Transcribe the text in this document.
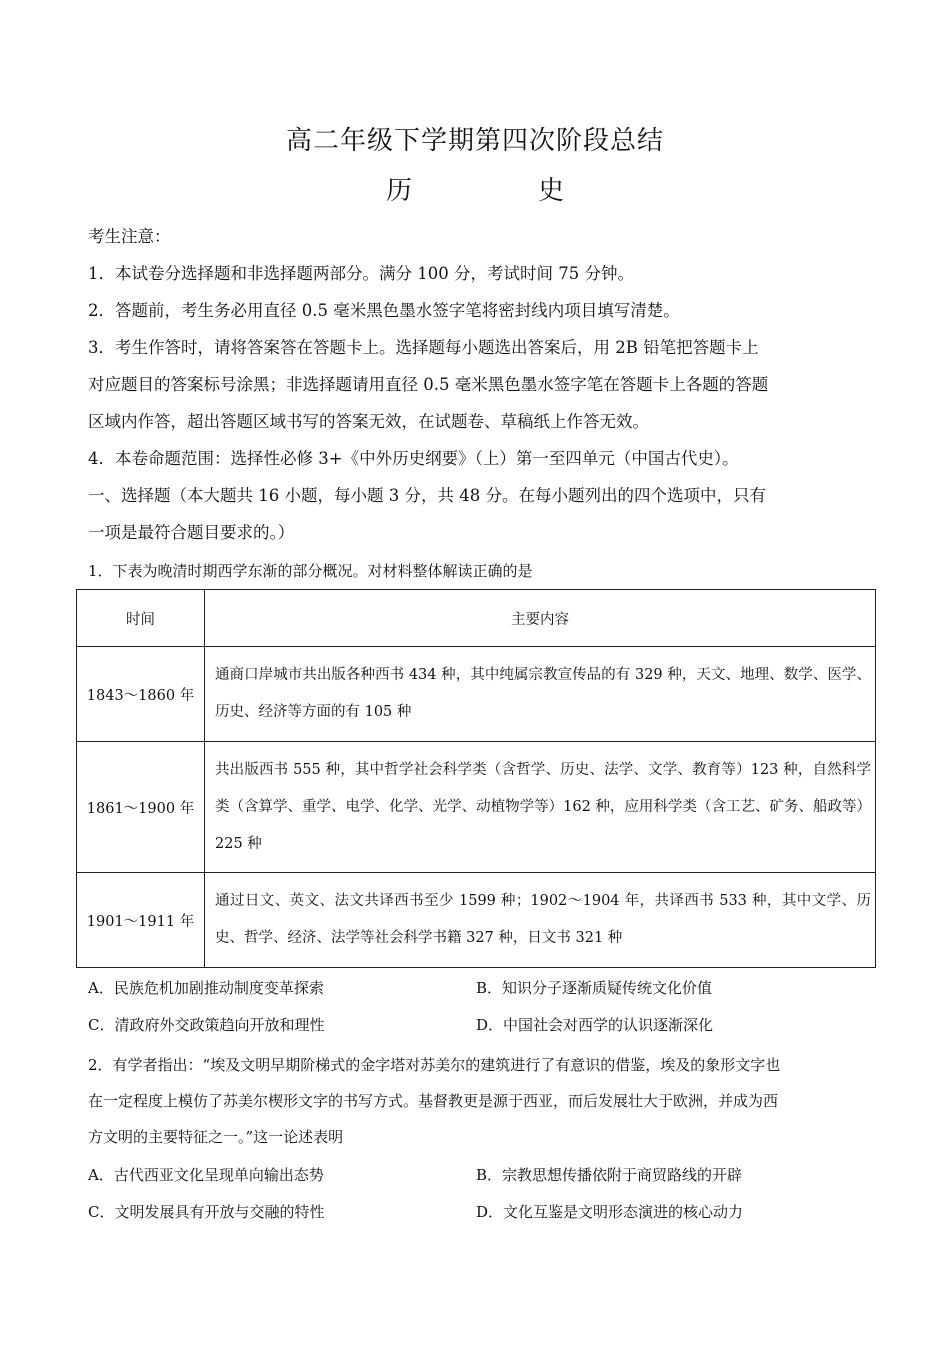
高二年级下学期第四次阶段总结
历　史
考生注意：
1．本试卷分选择题和非选择题两部分。满分 100 分，考试时间 75 分钟。
2．答题前，考生务必用直径 0.5 毫米黑色墨水签字笔将密封线内项目填写清楚。
3．考生作答时，请将答案答在答题卡上。选择题每小题选出答案后，用 2B 铅笔把答题卡上
对应题目的答案标号涂黑；非选择题请用直径 0.5 毫米黑色墨水签字笔在答题卡上各题的答题
区域内作答，超出答题区域书写的答案无效，在试题卷、草稿纸上作答无效。
4．本卷命题范围：选择性必修 3+《中外历史纲要》（上）第一至四单元（中国古代史）。
一、选择题（本大题共 16 小题，每小题 3 分，共 48 分。在每小题列出的四个选项中，只有
一项是最符合题目要求的。）
1．下表为晚清时期西学东渐的部分概况。对材料整体解读正确的是
时间	主要内容
1843～1860 年	通商口岸城市共出版各种西书 434 种，其中纯属宗教宣传品的有 329 种，天文、地理、数学、医学、历史、经济等方面的有 105 种
1861～1900 年	共出版西书 555 种，其中哲学社会科学类（含哲学、历史、法学、文学、教育等）123 种，自然科学类（含算学、重学、电学、化学、光学、动植物学等）162 种，应用科学类（含工艺、矿务、船政等）225 种
1901～1911 年	通过日文、英文、法文共译西书至少 1599 种；1902～1904 年，共译西书 533 种，其中文学、历史、哲学、经济、法学等社会科学书籍 327 种，日文书 321 种
A．民族危机加剧推动制度变革探索	B．知识分子逐渐质疑传统文化价值
C．清政府外交政策趋向开放和理性	D．中国社会对西学的认识逐渐深化
2．有学者指出：“埃及文明早期阶梯式的金字塔对苏美尔的建筑进行了有意识的借鉴，埃及的象形文字也
在一定程度上模仿了苏美尔楔形文字的书写方式。基督教更是源于西亚，而后发展壮大于欧洲，并成为西
方文明的主要特征之一。”这一论述表明
A．古代西亚文化呈现单向输出态势	B．宗教思想传播依附于商贸路线的开辟
C．文明发展具有开放与交融的特性	D．文化互鉴是文明形态演进的核心动力
